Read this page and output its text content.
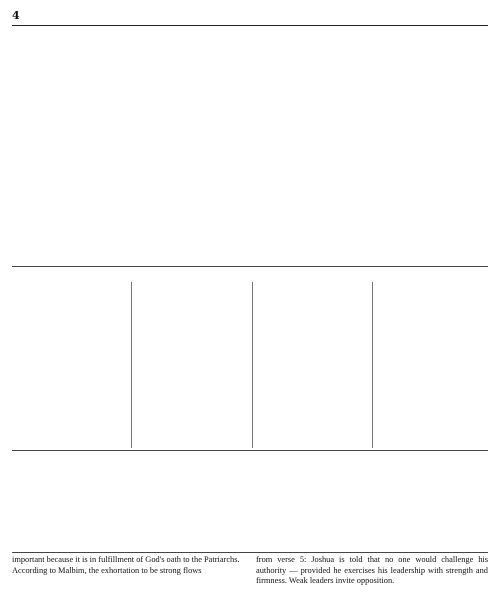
4
important because it is in fulfillment of God's oath to the Patriarchs.
According to Malbim, the exhortation to be strong flows
from verse 5: Joshua is told that no one would challenge his authority — provided he exercises his leadership with strength and firmness. Weak leaders invite opposition.
